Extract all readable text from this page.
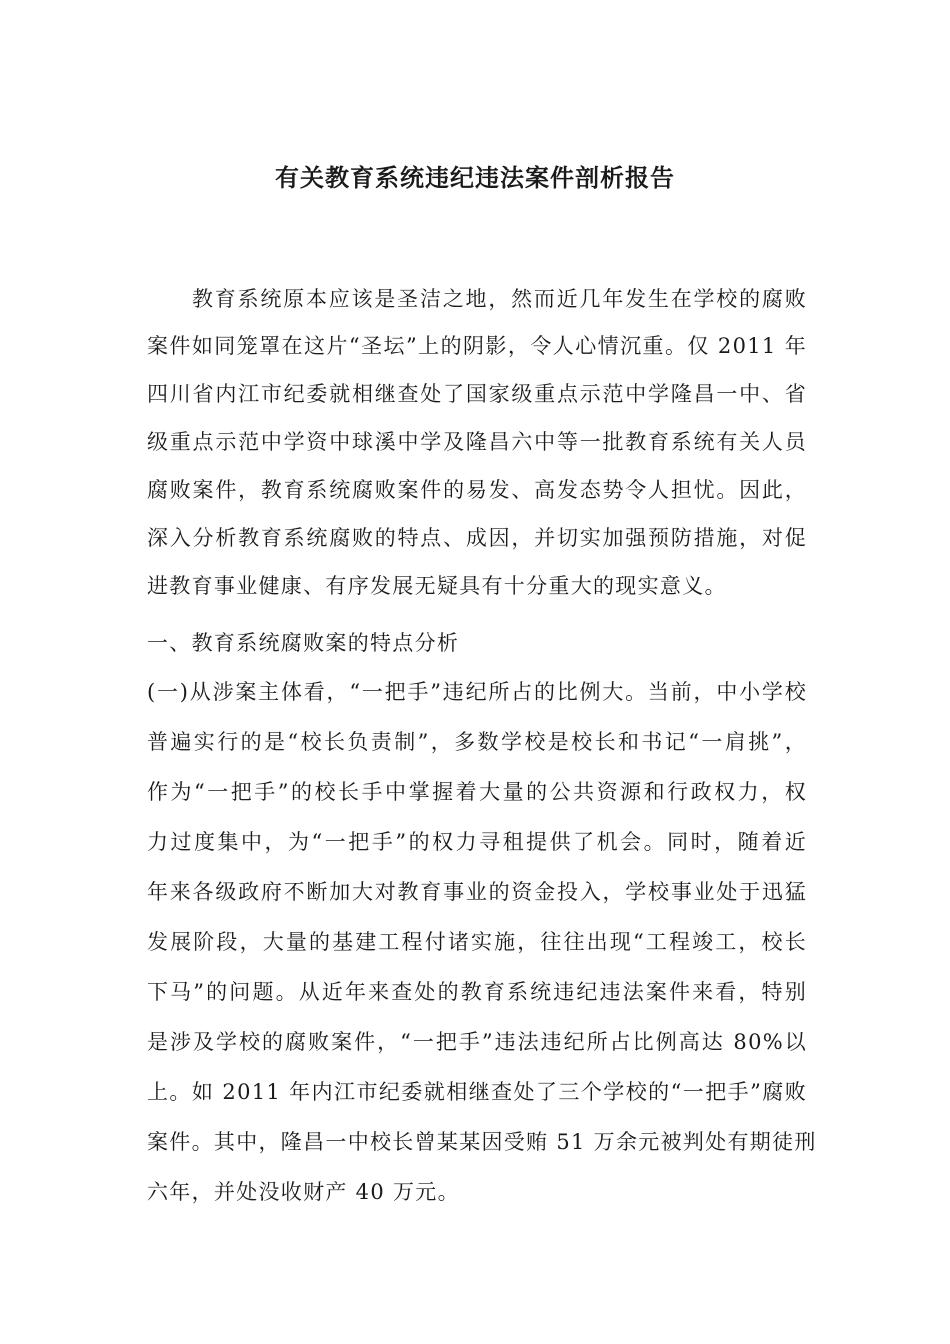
有关教育系统违纪违法案件剖析报告
教育系统原本应该是圣洁之地，然而近几年发生在学校的腐败
案件如同笼罩在这片“圣坛”上的阴影，令人心情沉重。仅 2011 年
四川省内江市纪委就相继查处了国家级重点示范中学隆昌一中、省
级重点示范中学资中球溪中学及隆昌六中等一批教育系统有关人员
腐败案件，教育系统腐败案件的易发、高发态势令人担忧。因此，
深入分析教育系统腐败的特点、成因，并切实加强预防措施，对促
进教育事业健康、有序发展无疑具有十分重大的现实意义。
一、教育系统腐败案的特点分析
(一)从涉案主体看，“一把手”违纪所占的比例大。当前，中小学校
普遍实行的是“校长负责制”，多数学校是校长和书记“一肩挑”，
作为“一把手”的校长手中掌握着大量的公共资源和行政权力，权
力过度集中，为“一把手”的权力寻租提供了机会。同时，随着近
年来各级政府不断加大对教育事业的资金投入，学校事业处于迅猛
发展阶段，大量的基建工程付诸实施，往往出现“工程竣工，校长
下马”的问题。从近年来查处的教育系统违纪违法案件来看，特别
是涉及学校的腐败案件，“一把手”违法违纪所占比例高达 80%以
上。如 2011 年内江市纪委就相继查处了三个学校的“一把手”腐败
案件。其中，隆昌一中校长曾某某因受贿 51 万余元被判处有期徒刑
六年，并处没收财产 40 万元。
